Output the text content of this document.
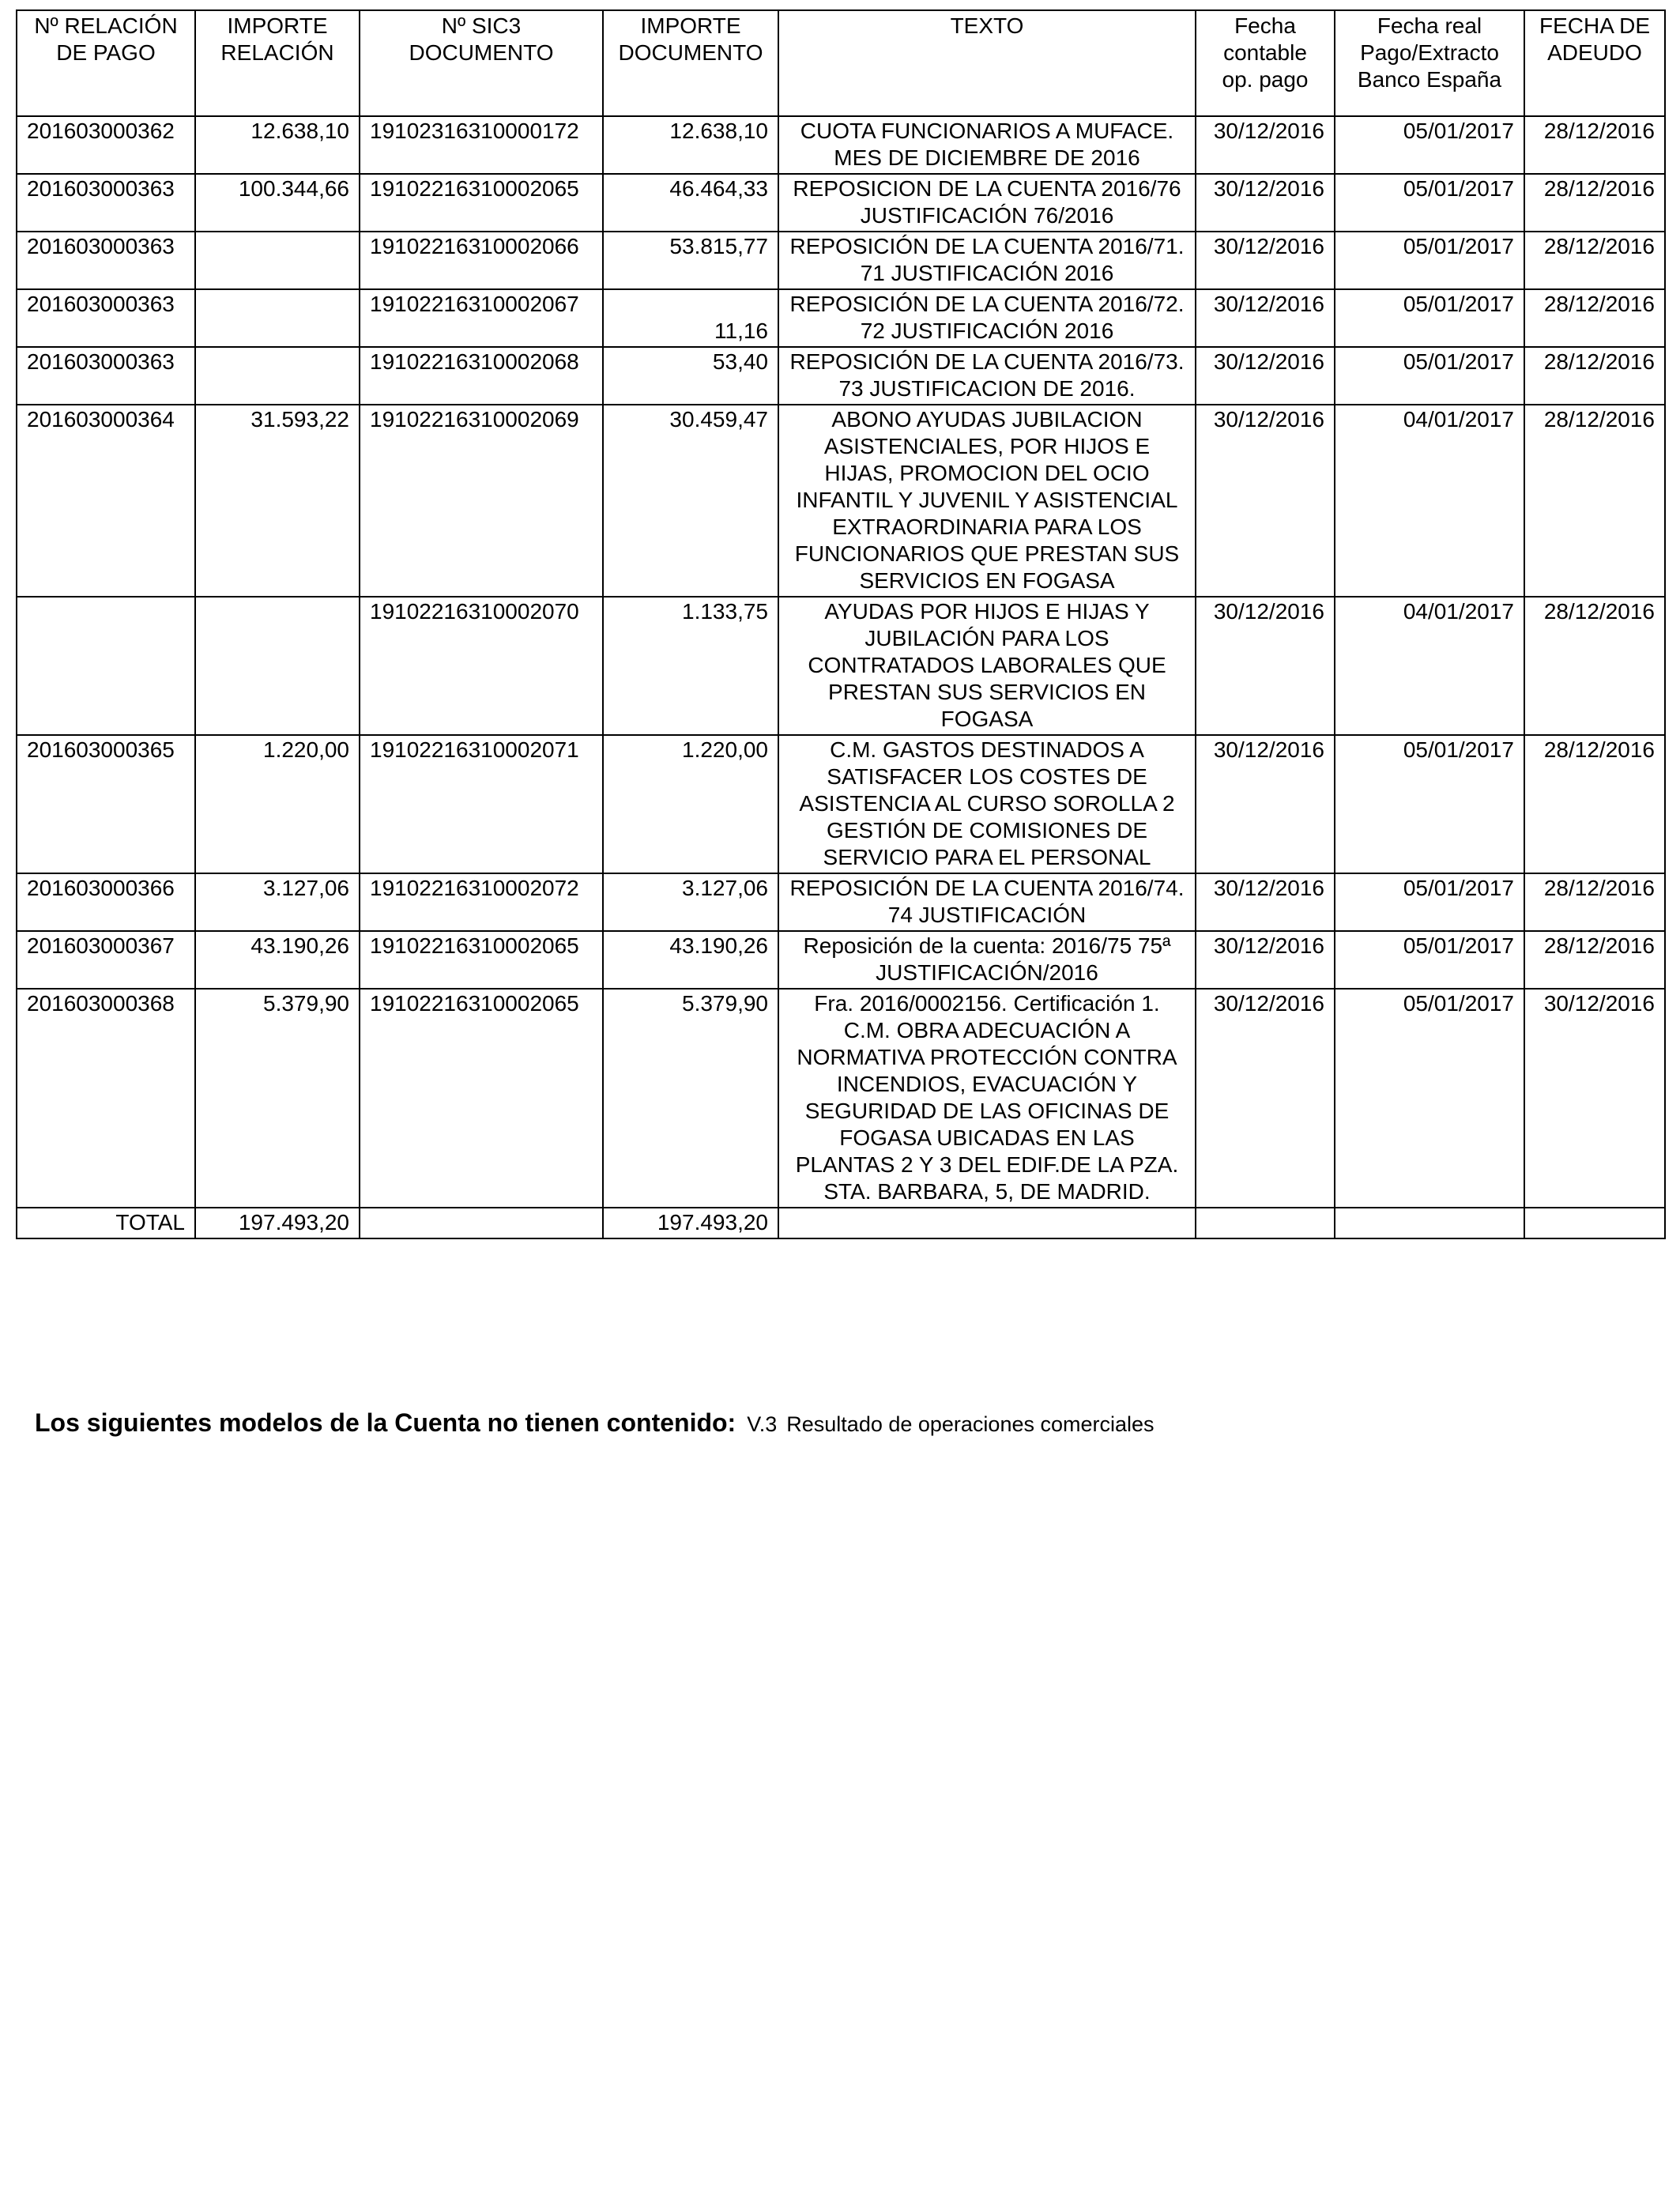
Nº RELACIÓN DE PAGO	IMPORTE RELACIÓN	Nº SIC3 DOCUMENTO	IMPORTE DOCUMENTO	TEXTO	Fecha contable op. pago	Fecha real Pago/Extracto Banco España	FECHA DE ADEUDO
201603000362	12.638,10	19102316310000172	12.638,10	CUOTA FUNCIONARIOS A MUFACE. MES DE DICIEMBRE DE 2016	30/12/2016	05/01/2017	28/12/2016
201603000363	100.344,66	19102216310002065	46.464,33	REPOSICION DE LA CUENTA 2016/76 JUSTIFICACIÓN 76/2016	30/12/2016	05/01/2017	28/12/2016
201603000363		19102216310002066	53.815,77	REPOSICIÓN DE LA CUENTA 2016/71. 71 JUSTIFICACIÓN 2016	30/12/2016	05/01/2017	28/12/2016
201603000363		19102216310002067	11,16	REPOSICIÓN DE LA CUENTA 2016/72. 72 JUSTIFICACIÓN 2016	30/12/2016	05/01/2017	28/12/2016
201603000363		19102216310002068	53,40	REPOSICIÓN DE LA CUENTA 2016/73. 73 JUSTIFICACION DE 2016.	30/12/2016	05/01/2017	28/12/2016
201603000364	31.593,22	19102216310002069	30.459,47	ABONO AYUDAS JUBILACION ASISTENCIALES, POR HIJOS E HIJAS, PROMOCION DEL OCIO INFANTIL Y JUVENIL Y ASISTENCIAL EXTRAORDINARIA PARA LOS FUNCIONARIOS QUE PRESTAN SUS SERVICIOS EN FOGASA	30/12/2016	04/01/2017	28/12/2016
		19102216310002070	1.133,75	AYUDAS POR HIJOS E HIJAS Y JUBILACIÓN PARA LOS CONTRATADOS LABORALES QUE PRESTAN SUS SERVICIOS EN FOGASA	30/12/2016	04/01/2017	28/12/2016
201603000365	1.220,00	19102216310002071	1.220,00	C.M. GASTOS DESTINADOS A SATISFACER LOS COSTES DE ASISTENCIA AL CURSO SOROLLA 2 GESTIÓN DE COMISIONES DE SERVICIO PARA EL PERSONAL	30/12/2016	05/01/2017	28/12/2016
201603000366	3.127,06	19102216310002072	3.127,06	REPOSICIÓN DE LA CUENTA 2016/74. 74 JUSTIFICACIÓN	30/12/2016	05/01/2017	28/12/2016
201603000367	43.190,26	19102216310002065	43.190,26	Reposición de la cuenta: 2016/75 75ª JUSTIFICACIÓN/2016	30/12/2016	05/01/2017	28/12/2016
201603000368	5.379,90	19102216310002065	5.379,90	Fra. 2016/0002156. Certificación 1. C.M. OBRA ADECUACIÓN A NORMATIVA PROTECCIÓN CONTRA INCENDIOS, EVACUACIÓN Y SEGURIDAD DE LAS OFICINAS DE FOGASA UBICADAS EN LAS PLANTAS 2 Y 3 DEL EDIF.DE LA PZA. STA. BARBARA, 5, DE MADRID.	30/12/2016	05/01/2017	30/12/2016
TOTAL	197.493,20		197.493,20				
Los siguientes modelos de la Cuenta no tienen contenido: V.3 Resultado de operaciones comerciales
